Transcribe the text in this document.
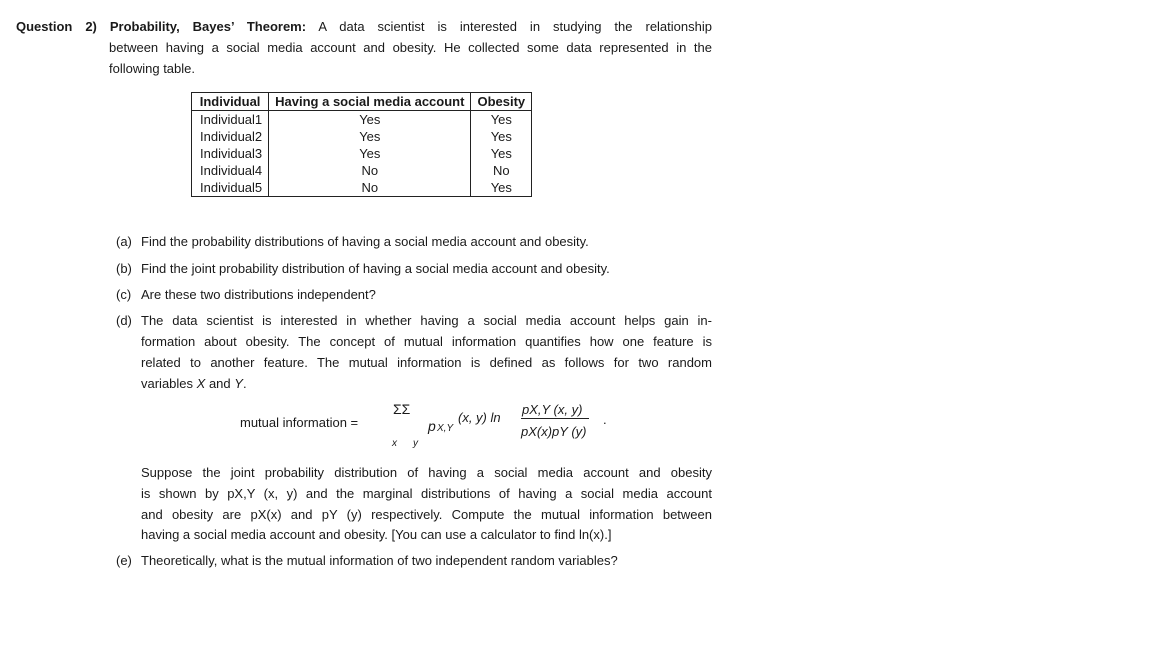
Question 2) Probability, Bayes’ Theorem: A data scientist is interested in studying the relationship
between having a social media account and obesity. He collected some data represented in the
following table.
Individual	Having a social media account	Obesity
Individual1	Yes	Yes
Individual2	Yes	Yes
Individual3	Yes	Yes
Individual4	No	No
Individual5	No	Yes
(a) Find the probability distributions of having a social media account and obesity.
(b) Find the joint probability distribution of having a social media account and obesity.
(c) Are these two distributions independent?
(d) The data scientist is interested in whether having a social media account helps gain in-
formation about obesity. The concept of mutual information quantifies how one feature is
related to another feature. The mutual information is defined as follows for two random
variables X and Y.
mutual information =
ΣΣ
x y
p X,Y
(x, y) ln
pX,Y (x, y)
pX(x)pY (y)
.
Suppose the joint probability distribution of having a social media account and obesity
is shown by pX,Y (x, y) and the marginal distributions of having a social media account
and obesity are pX(x) and pY (y) respectively. Compute the mutual information between
having a social media account and obesity. [You can use a calculator to find ln(x).]
(e) Theoretically, what is the mutual information of two independent random variables?
